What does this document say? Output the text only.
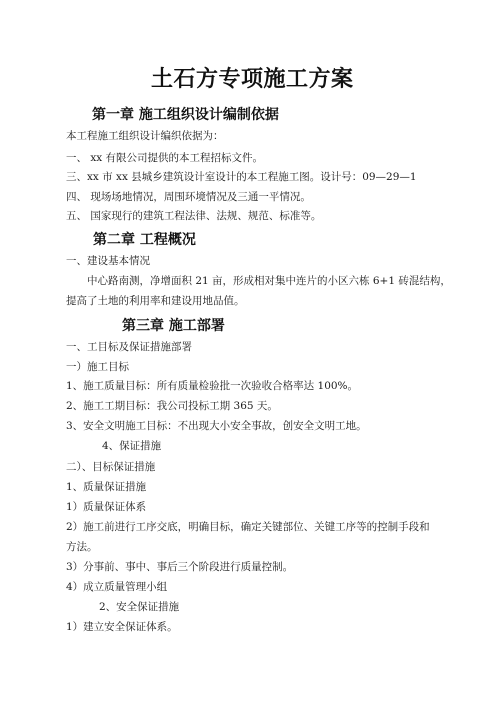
土石方专项施工方案
第一章 施工组织设计编制依据
本工程施工组织设计编织依据为：
一、 xx 有限公司提供的本工程招标文件。
三、xx 市 xx 县城乡建筑设计室设计的本工程施工图。设计号：09—29—1
四、 现场场地情况，周围环境情况及三通一平情况。
五、 国家现行的建筑工程法律、法规、规范、标准等。
第二章 工程概况
一、建设基本情况
中心路南测，净增面积 21 亩，形成相对集中连片的小区六栋 6+1 砖混结构，
提高了土地的利用率和建设用地品值。
第三章 施工部署
一、工目标及保证措施部署
一）施工目标
1、施工质量目标：所有质量检验批一次验收合格率达 100%。
2、施工工期目标：我公司投标工期 365 天。
3、安全文明施工目标：不出现大小安全事故，创安全文明工地。
4、保证措施
二）、目标保证措施
1、质量保证措施
1）质量保证体系
2）施工前进行工序交底，明确目标，确定关键部位、关键工序等的控制手段和
方法。
3）分事前、事中、事后三个阶段进行质量控制。
4）成立质量管理小组
2、安全保证措施
1）建立安全保证体系。
